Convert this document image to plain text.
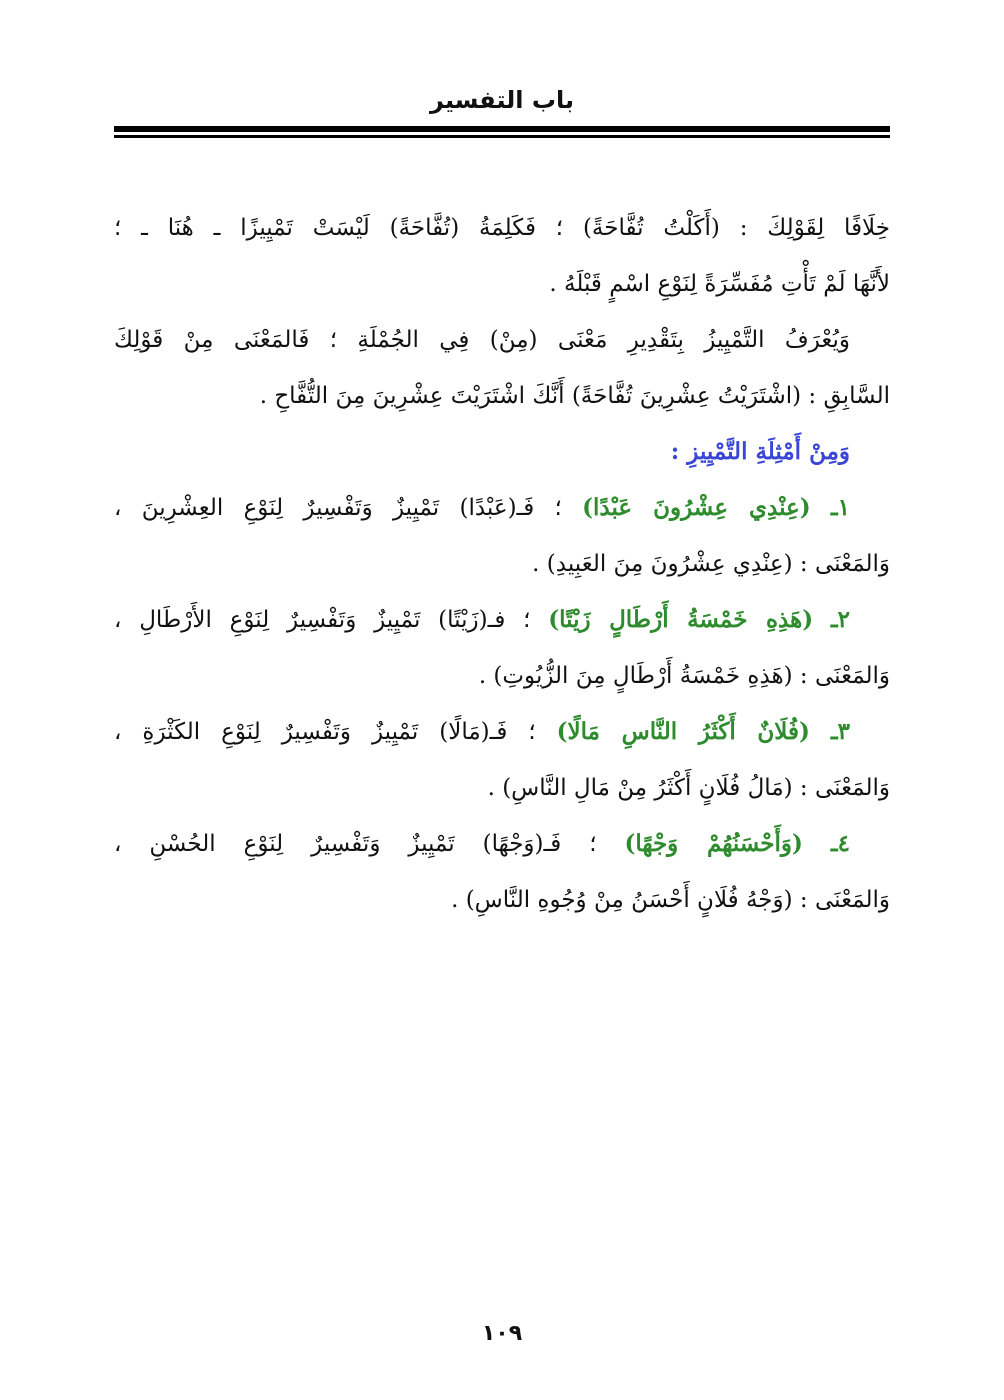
باب التفسير
خِلَافًا لِقَوْلِكَ : (أَكَلْتُ تُفَّاحَةً) ؛ فَكَلِمَةُ (تُفَّاحَةً) لَيْسَتْ تَمْيِيزًا ـ هُنَا ـ ؛
لأَنَّهَا لَمْ تَأْتِ مُفَسِّرَةً لِنَوْعِ اسْمٍ قَبْلَهُ .
وَيُعْرَفُ التَّمْيِيزُ بِتَقْدِيرِ مَعْنَى (مِنْ) فِي الجُمْلَةِ ؛ فَالمَعْنَى مِنْ قَوْلِكَ
السَّابِقِ : (اشْتَرَيْتُ عِشْرِينَ تُفَّاحَةً) أَنَّكَ اشْتَرَيْتَ عِشْرِينَ مِنَ التُّفَّاحِ .
وَمِنْ أَمْثِلَةِ التَّمْيِيزِ :
١ـ (عِنْدِي عِشْرُونَ عَبْدًا) ؛ فَـ(عَبْدًا) تَمْيِيزٌ وَتَفْسِيرٌ لِنَوْعِ العِشْرِينَ ،
وَالمَعْنَى : (عِنْدِي عِشْرُونَ مِنَ العَبِيدِ) .
٢ـ (هَذِهِ خَمْسَةُ أَرْطَالٍ زَيْتًا) ؛ فـ(زَيْتًا) تَمْيِيزٌ وَتَفْسِيرٌ لِنَوْعِ الأَرْطَالِ ،
وَالمَعْنَى : (هَذِهِ خَمْسَةُ أَرْطَالٍ مِنَ الزُّيُوتِ) .
٣ـ (فُلَانٌ أَكْثَرُ النَّاسِ مَالًا) ؛ فَـ(مَالًا) تَمْيِيزٌ وَتَفْسِيرٌ لِنَوْعِ الكَثْرَةِ ،
وَالمَعْنَى : (مَالُ فُلَانٍ أَكْثَرُ مِنْ مَالِ النَّاسِ) .
٤ـ (وَأَحْسَنُهُمْ وَجْهًا) ؛ فَـ(وَجْهًا) تَمْيِيزٌ وَتَفْسِيرٌ لِنَوْعِ الحُسْنِ ،
وَالمَعْنَى : (وَجْهُ فُلَانٍ أَحْسَنُ مِنْ وُجُوهِ النَّاسِ) .
١٠٩
